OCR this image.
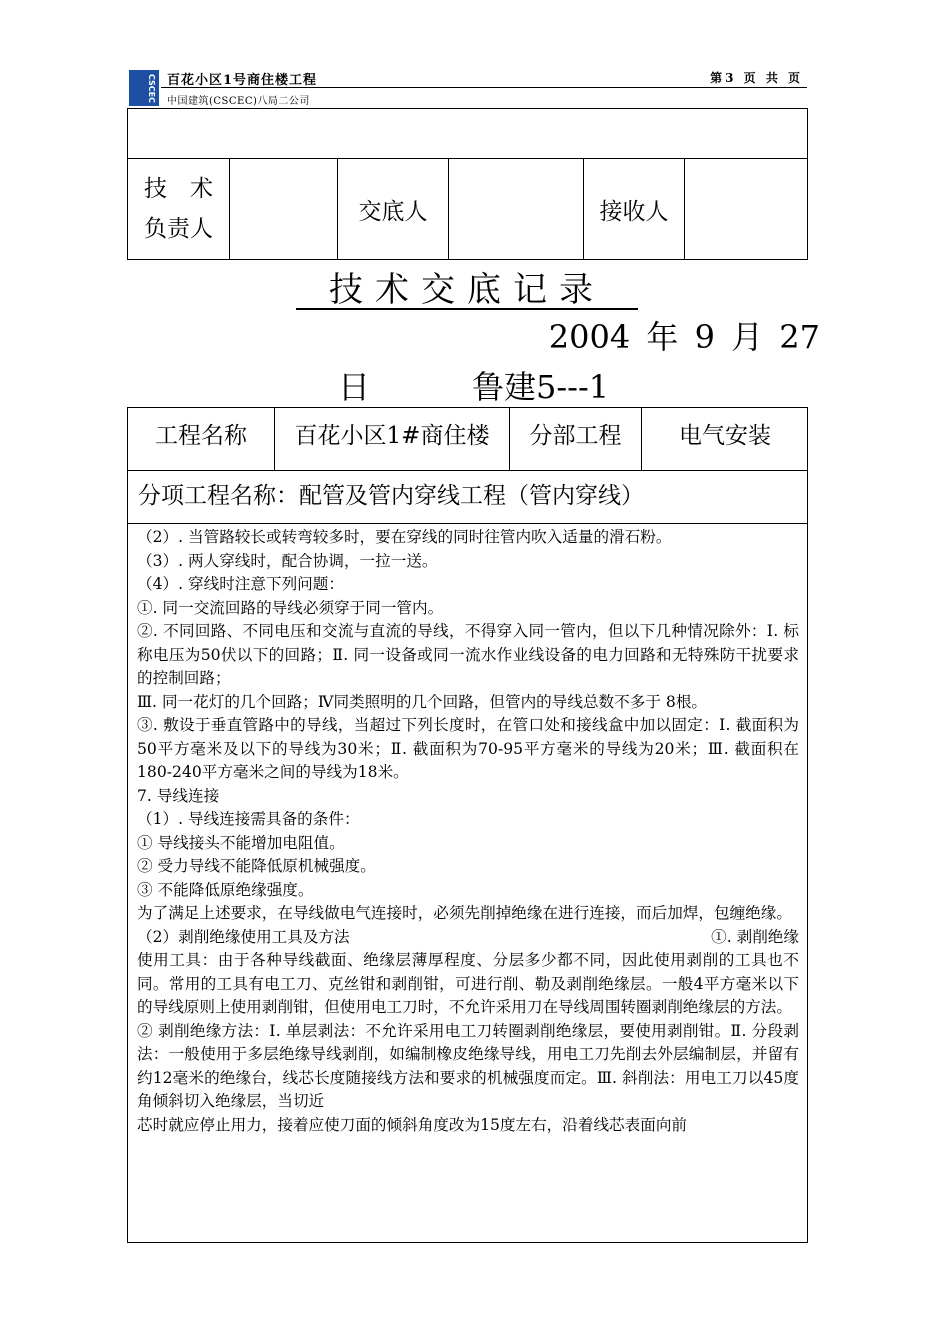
CSCEC 百花小区1号商住楼工程	第3 页 共 页
中国建筑(CSCEC)八局二公司

技　术
负责人
		交底人		接收人	
技术交底记录
2004 年 9 月 27
日	鲁建5---1
工程名称	百花小区1#商住楼	分部工程	电气安装
分项工程名称：配管及管内穿线工程（管内穿线）

（2）. 当管路较长或转弯较多时，要在穿线的同时往管内吹入适量的滑石粉。

（3）. 两人穿线时，配合协调，一拉一送。

（4）. 穿线时注意下列问题：

①. 同一交流回路的导线必须穿于同一管内。

②. 不同回路、不同电压和交流与直流的导线，不得穿入同一管内，但以下几种情况除外：Ⅰ. 标称电压为50伏以下的回路；Ⅱ. 同一设备或同一流水作业线设备的电力回路和无特殊防干扰要求的控制回路；

Ⅲ. 同一花灯的几个回路；Ⅳ同类照明的几个回路，但管内的导线总数不多于 8根。

③. 敷设于垂直管路中的导线，当超过下列长度时，在管口处和接线盒中加以固定：Ⅰ. 截面积为50平方毫米及以下的导线为30米；Ⅱ. 截面积为70-95平方毫米的导线为20米；Ⅲ. 截面积在180-240平方毫米之间的导线为18米。

7. 导线连接

（1）. 导线连接需具备的条件：

① 导线接头不能增加电阻值。

② 受力导线不能降低原机械强度。

③ 不能降低原绝缘强度。

为了满足上述要求，在导线做电气连接时，必须先削掉绝缘在进行连接，而后加焊，包缠绝缘。

（2）剥削绝缘使用工具及方法	①. 剥削绝缘

使用工具：由于各种导线截面、绝缘层薄厚程度、分层多少都不同，因此使用剥削的工具也不同。常用的工具有电工刀、克丝钳和剥削钳，可进行削、勒及剥削绝缘层。一般4平方毫米以下的导线原则上使用剥削钳，但使用电工刀时，不允许采用刀在导线周围转圈剥削绝缘层的方法。

② 剥削绝缘方法：Ⅰ. 单层剥法：不允许采用电工刀转圈剥削绝缘层，要使用剥削钳。Ⅱ. 分段剥法：一般使用于多层绝缘导线剥削，如编制橡皮绝缘导线，用电工刀先削去外层编制层，并留有约12毫米的绝缘台，线芯长度随接线方法和要求的机械强度而定。Ⅲ. 斜削法：用电工刀以45度角倾斜切入绝缘层，当切近

芯时就应停止用力，接着应使刀面的倾斜角度改为15度左右，沿着线芯表面向前
